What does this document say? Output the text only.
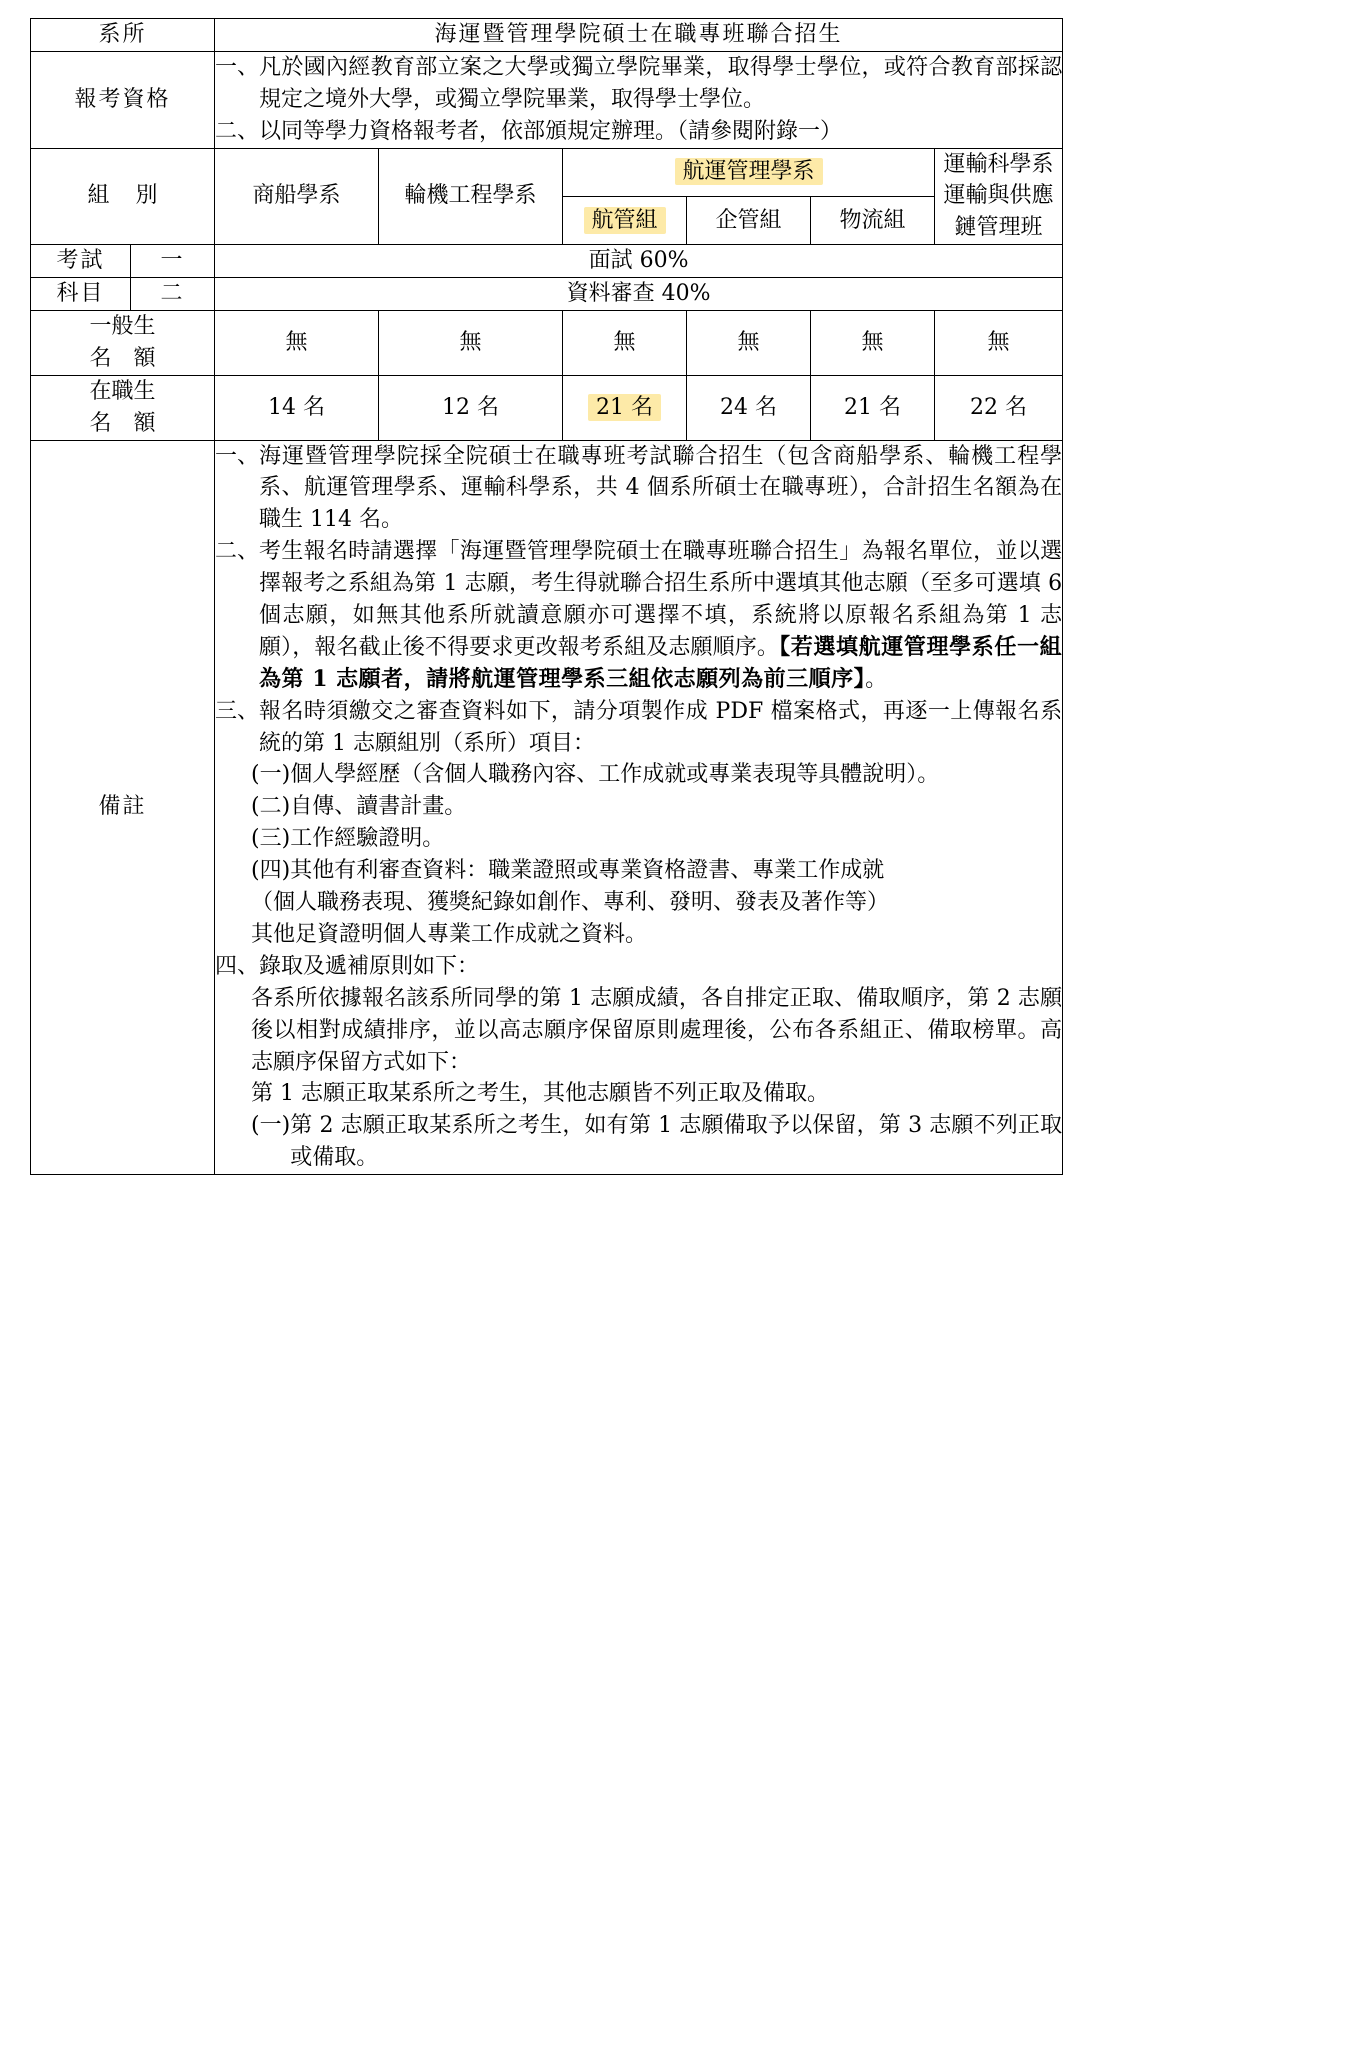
系所		海運暨管理學院碩士在職專班聯合招生					
報考資格		一、 凡於國內經教育部立案之大學或獨立學院畢業，取得學士學位，或符合教育部採認規定之境外大學，或獨立學院畢業，取得學士學位。
二、 以同等學力資格報考者，依部頒規定辦理。（請參閱附錄一）					

組 別		商船學系	輪機工程學系	航運管理學系			運輸科學系
運輸與供應
鏈管理班

				航管組	企管組	物流組	
考試	一	面試 60%					
科目	二	資料審查 40%					

一般生
名 額		無	無	無	無	無	無

在職生
名 額		14 名	12 名	21 名	24 名	21 名	22 名
備註	
一、 海運暨管理學院採全院碩士在職專班考試聯合招生（包含商船學系、輪機工程學系、航運管理學系、運輸科學系，共 4 個系所碩士在職專班），合計招生名額為在職生 114 名。
二、 考生報名時請選擇「海運暨管理學院碩士在職專班聯合招生」為報名單位，並以選擇報考之系組為第 1 志願，考生得就聯合招生系所中選填其他志願（至多可選填 6 個志願，如無其他系所就讀意願亦可選擇不填，系統將以原報名系組為第 1 志願），報名截止後不得要求更改報考系組及志願順序。【若選填航運管理學系任一組為第 1 志願者，請將航運管理學系三組依志願列為前三順序】。
三、 報名時須繳交之審查資料如下，請分項製作成 PDF 檔案格式，再逐一上傳報名系統的第 1 志願組別（系所）項目：
(一) 個人學經歷（含個人職務內容、工作成就或專業表現等具體說明）。
(二) 自傳、讀書計畫。
(三) 工作經驗證明。
(四) 其他有利審查資料：職業證照或專業資格證書、專業工作成就
（個人職務表現、獲獎紀錄如創作、專利、發明、發表及著作等）
其他足資證明個人專業工作成就之資料。
四、 錄取及遞補原則如下：
各系所依據報名該系所同學的第 1 志願成績，各自排定正取、備取順序，第 2 志願後以相對成績排序，並以高志願序保留原則處理後，公布各系組正、備取榜單。高志願序保留方式如下：
第 1 志願正取某系所之考生，其他志願皆不列正取及備取。
(一) 第 2 志願正取某系所之考生，如有第 1 志願備取予以保留，第 3 志願不列正取或備取。
